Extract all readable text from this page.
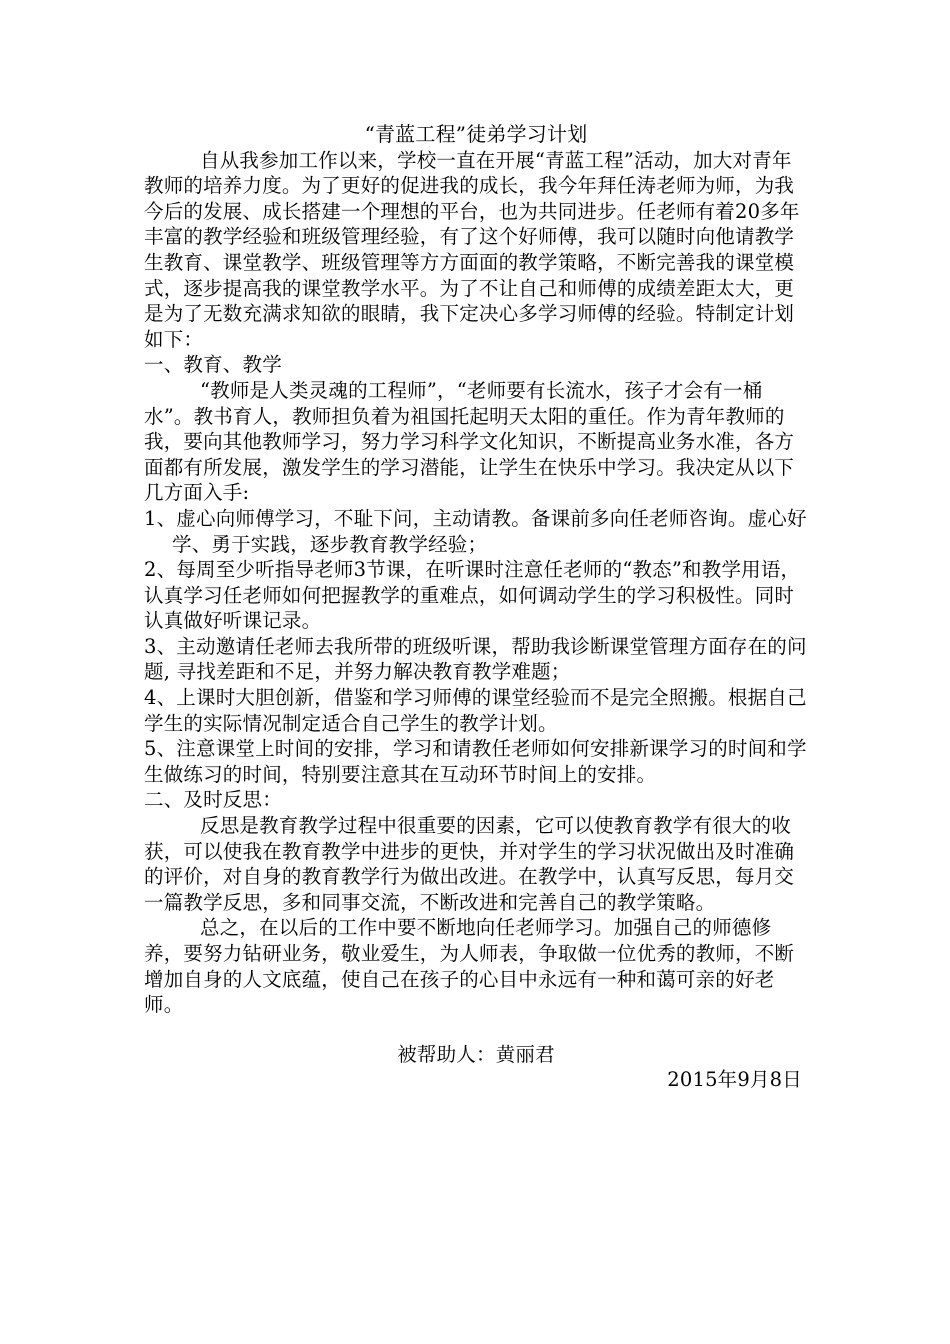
“青蓝工程”徒弟学习计划

自从我参加工作以来，学校一直在开展“青蓝工程”活动，加大对青年教师的培养力度。为了更好的促进我的成长，我今年拜任涛老师为师，为我今后的发展、成长搭建一个理想的平台，也为共同进步。任老师有着20多年丰富的教学经验和班级管理经验，有了这个好师傅，我可以随时向他请教学生教育、课堂教学、班级管理等方方面面的教学策略，不断完善我的课堂模式，逐步提高我的课堂教学水平。为了不让自己和师傅的成绩差距太大，更是为了无数充满求知欲的眼睛，我下定决心多学习师傅的经验。特制定计划如下：

一、教育、教学

“教师是人类灵魂的工程师”，“老师要有长流水，孩子才会有一桶水”。教书育人，教师担负着为祖国托起明天太阳的重任。作为青年教师的我，要向其他教师学习，努力学习科学文化知识，不断提高业务水准，各方面都有所发展，激发学生的学习潜能，让学生在快乐中学习。我决定从以下几方面入手:

1、虚心向师傅学习，不耻下问，主动请教。备课前多向任老师咨询。虚心好学、勇于实践，逐步教育教学经验；

2、每周至少听指导老师3节课，在听课时注意任老师的“教态”和教学用语，认真学习任老师如何把握教学的重难点，如何调动学生的学习积极性。同时认真做好听课记录。

3、主动邀请任老师去我所带的班级听课，帮助我诊断课堂管理方面存在的问题, 寻找差距和不足，并努力解决教育教学难题；

4、上课时大胆创新，借鉴和学习师傅的课堂经验而不是完全照搬。根据自己学生的实际情况制定适合自己学生的教学计划。

5、注意课堂上时间的安排，学习和请教任老师如何安排新课学习的时间和学生做练习的时间，特别要注意其在互动环节时间上的安排。

二、及时反思：

反思是教育教学过程中很重要的因素，它可以使教育教学有很大的收获，可以使我在教育教学中进步的更快，并对学生的学习状况做出及时准确的评价，对自身的教育教学行为做出改进。在教学中，认真写反思，每月交一篇教学反思，多和同事交流，不断改进和完善自己的教学策略。

总之，在以后的工作中要不断地向任老师学习。加强自己的师德修养，要努力钻研业务，敬业爱生，为人师表，争取做一位优秀的教师，不断增加自身的人文底蕴，使自己在孩子的心目中永远有一种和蔼可亲的好老师。

被帮助人：黄丽君

2015年9月8日
